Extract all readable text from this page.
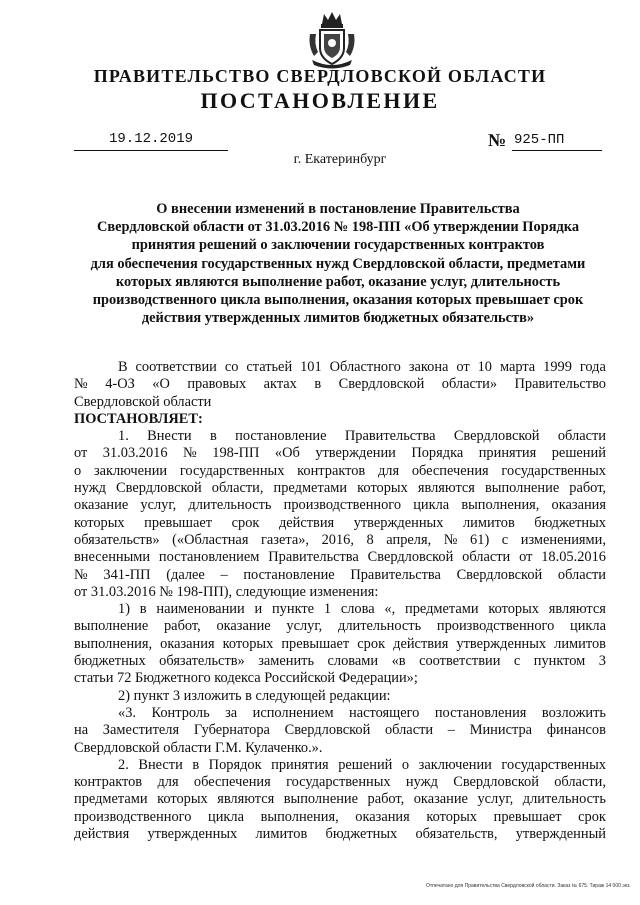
ПРАВИТЕЛЬСТВО СВЕРДЛОВСКОЙ ОБЛАСТИ
ПОСТАНОВЛЕНИЕ
19.12.2019	№ 925-ПП
г. Екатеринбург
О внесении изменений в постановление Правительства
Свердловской области от 31.03.2016 № 198-ПП «Об утверждении Порядка
принятия решений о заключении государственных контрактов
для обеспечения государственных нужд Свердловской области, предметами
которых являются выполнение работ, оказание услуг, длительность
производственного цикла выполнения, оказания которых превышает срок
действия утвержденных лимитов бюджетных обязательств»
В соответствии со статьей 101 Областного закона от 10 марта 1999 года
№ 4-ОЗ «О правовых актах в Свердловской области» Правительство
Свердловской области
ПОСТАНОВЛЯЕТ:
1. Внести в постановление Правительства Свердловской области
от 31.03.2016 № 198-ПП «Об утверждении Порядка принятия решений
о заключении государственных контрактов для обеспечения государственных
нужд Свердловской области, предметами которых являются выполнение работ,
оказание услуг, длительность производственного цикла выполнения, оказания
которых превышает срок действия утвержденных лимитов бюджетных
обязательств» («Областная газета», 2016, 8 апреля, № 61) с изменениями,
внесенными постановлением Правительства Свердловской области от 18.05.2016
№ 341-ПП (далее – постановление Правительства Свердловской области
от 31.03.2016 № 198-ПП), следующие изменения:
1) в наименовании и пункте 1 слова «, предметами которых являются
выполнение работ, оказание услуг, длительность производственного цикла
выполнения, оказания которых превышает срок действия утвержденных лимитов
бюджетных обязательств» заменить словами «в соответствии с пунктом 3
статьи 72 Бюджетного кодекса Российской Федерации»;
2) пункт 3 изложить в следующей редакции:
«3. Контроль за исполнением настоящего постановления возложить
на Заместителя Губернатора Свердловской области – Министра финансов
Свердловской области Г.М. Кулаченко.».
2. Внести в Порядок принятия решений о заключении государственных
контрактов для обеспечения государственных нужд Свердловской области,
предметами которых являются выполнение работ, оказание услуг, длительность
производственного цикла выполнения, оказания которых превышает срок
действия утвержденных лимитов бюджетных обязательств, утвержденный
Отпечатано для Правительства Свердловской области. Заказ № 675. Тираж 14 000 экз.
